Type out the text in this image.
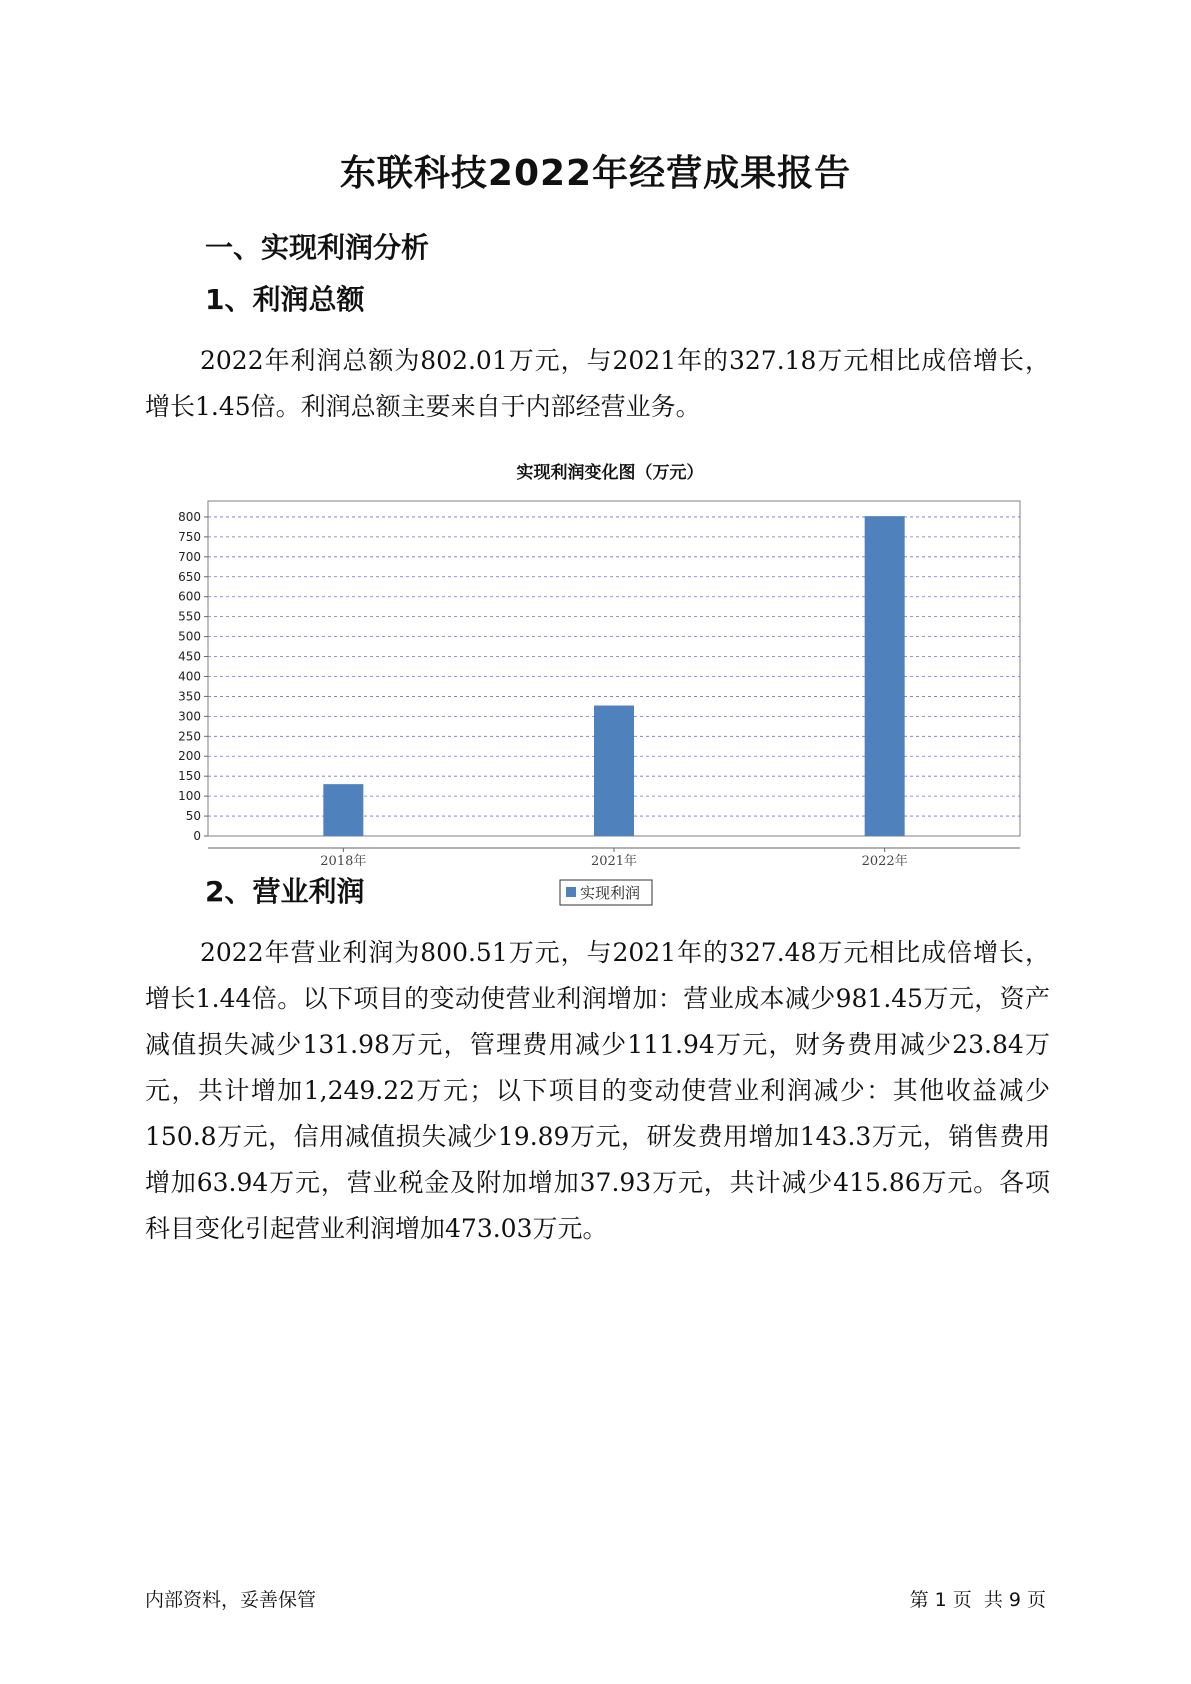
东联科技2022年经营成果报告
一、实现利润分析
1、利润总额

2022年利润总额为802.01万元，与2021年的327.18万元相比成倍增长，增长1.45倍。利润总额主要来自于内部经营业务。

实现利润变化图（万元）
0
50
100
150
200
250
300
350
400
450
500
550
600
650
700
750
800
2018年	2021年	2022年
实现利润
2、营业利润

2022年营业利润为800.51万元，与2021年的327.48万元相比成倍增长，增长1.44倍。以下项目的变动使营业利润增加：营业成本减少981.45万元，资产减值损失减少131.98万元，管理费用减少111.94万元，财务费用减少23.84万元，共计增加1,249.22万元；以下项目的变动使营业利润减少：其他收益减少150.8万元，信用减值损失减少19.89万元，研发费用增加143.3万元，销售费用增加63.94万元，营业税金及附加增加37.93万元，共计减少415.86万元。各项科目变化引起营业利润增加473.03万元。

内部资料，妥善保管	第 1 页  共 9 页
